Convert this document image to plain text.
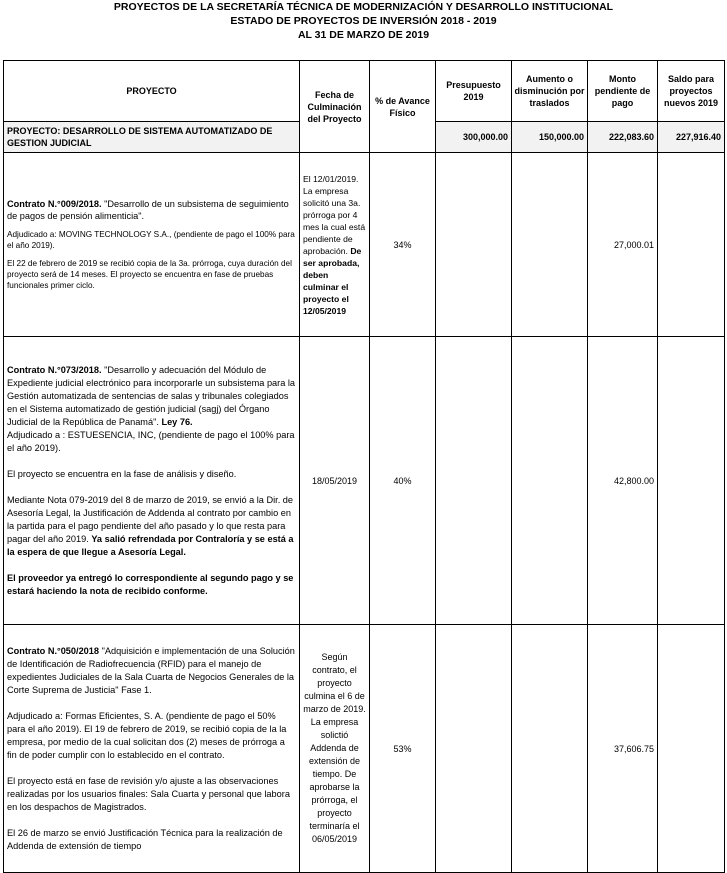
PROYECTOS DE LA SECRETARÍA TÉCNICA DE MODERNIZACIÓN Y DESARROLLO INSTITUCIONAL
ESTADO DE PROYECTOS DE INVERSIÓN 2018 - 2019
AL 31 DE MARZO DE 2019
PROYECTO	Fecha de Culminación del Proyecto	% de Avance Físico	Presupuesto 2019	Aumento o disminución por traslados	Monto pendiente de pago	Saldo para proyectos nuevos 2019

PROYECTO: DESARROLLO DE SISTEMA AUTOMATIZADO DE GESTION JUDICIAL			300,000.00	150,000.00	222,083.60	227,916.40

Contrato N.°009/2018. "Desarrollo de un subsistema de seguimiento de pagos de pensión alimenticia".

Adjudicado a: MOVING TECHNOLOGY S.A., (pendiente de pago el 100% para el año 2019).

El 22 de febrero de 2019 se recibió copia de la 3a. prórroga, cuya duración del proyecto será de 14 meses. El proyecto se encuentra en fase de pruebas funcionales primer ciclo.	El 12/01/2019. La empresa solicitó una 3a. prórroga por 4 mes la cual está pendiente de aprobación. De ser aprobada, deben culminar el proyecto el 12/05/2019	34%			27,000.01	

Contrato N.°073/2018. "Desarrollo y adecuación del Módulo de Expediente judicial electrónico para incorporarle un subsistema para la Gestión automatizada de sentencias de salas y tribunales colegiados en el Sistema automatizado de gestión judicial (sagj) del Órgano Judicial de la República de Panamá". Ley 76.

Adjudicado a : ESTUESENCIA, INC, (pendiente de pago el 100% para el año 2019).

El proyecto se encuentra en la fase de análisis y diseño.

Mediante Nota 079-2019 del 8 de marzo de 2019, se envió a la Dir. de Asesoría Legal, la Justificación de Addenda al contrato por cambio en la partida para el pago pendiente del año pasado y lo que resta para pagar del año 2019. Ya salió refrendada por Contraloría y se está a la espera de que llegue a Asesoría Legal.

El proveedor ya entregó lo correspondiente al segundo pago y se estará haciendo la nota de recibido conforme.	18/05/2019	40%			42,800.00	

Contrato N.°050/2018 "Adquisición e implementación de una Solución de Identificación de Radiofrecuencia (RFID) para el manejo de expedientes Judiciales de la Sala Cuarta de Negocios Generales de la Corte Suprema de Justicia" Fase 1.

Adjudicado a: Formas Eficientes, S. A. (pendiente de pago el 50% para el año 2019). El 19 de febrero de 2019, se recibió copia de la la empresa, por medio de la cual solicitan dos (2) meses de prórroga a fin de poder cumplir con lo establecido en el contrato.

El proyecto está en fase de revisión y/o ajuste a las observaciones realizadas por los usuarios finales: Sala Cuarta y personal que labora en los despachos de Magistrados.

El 26 de marzo se envió Justificación Técnica para la realización de Addenda de extensión de tiempo	Según contrato, el proyecto culmina el 6 de marzo de 2019. La empresa solictió Addenda de extensión de tiempo. De aprobarse la prórroga, el proyecto terminaría el 06/05/2019	53%			37,606.75	
